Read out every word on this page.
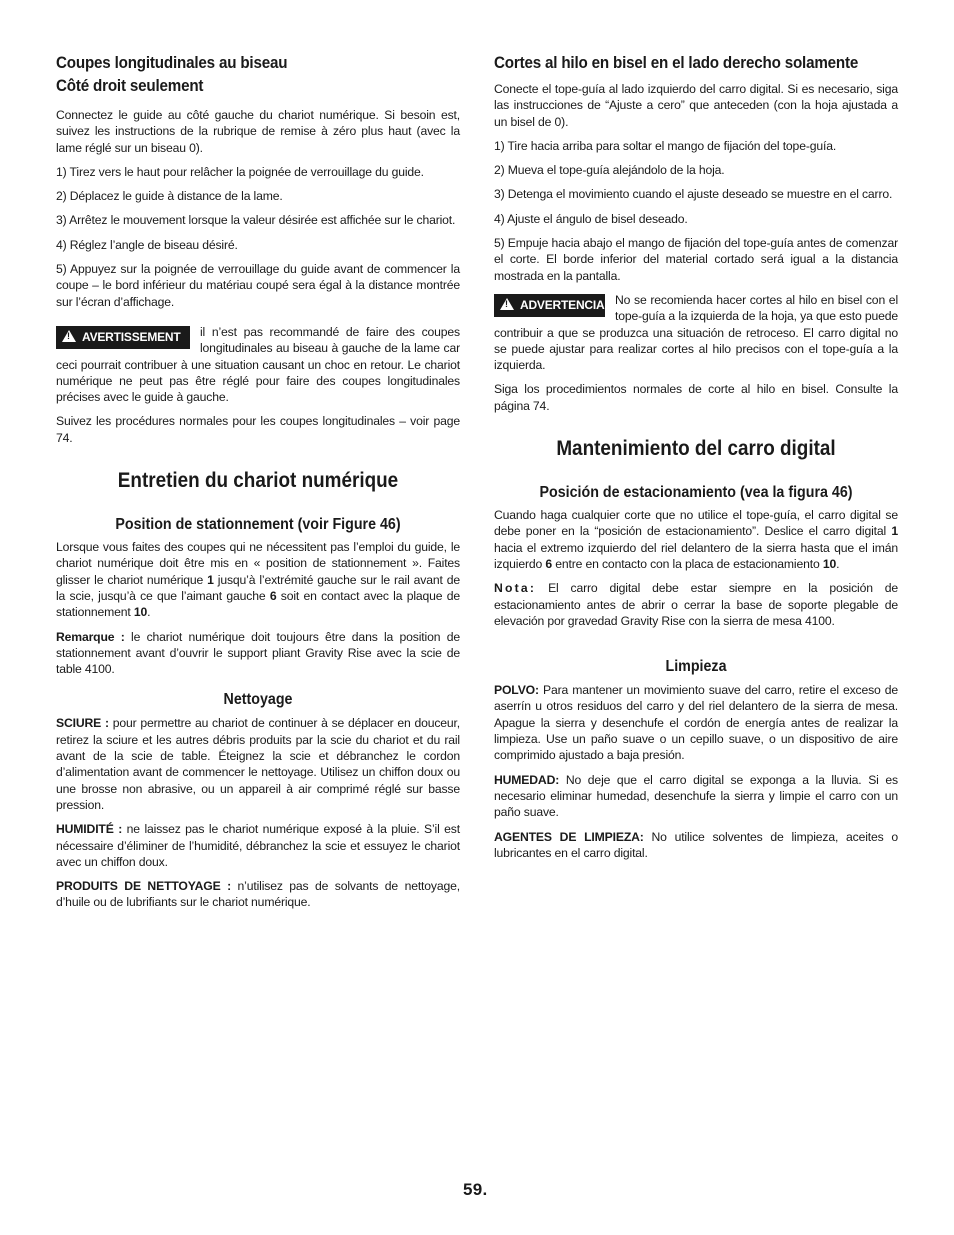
Coupes longitudinales au biseau
Côté droit seulement

Connectez le guide au côté gauche du chariot numérique. Si besoin est, suivez les instructions de la rubrique de remise à zéro plus haut (avec la lame réglé sur un biseau 0).

1) Tirez vers le haut pour relâcher la poignée de verrouillage du guide.

2) Déplacez le guide à distance de la lame.

3) Arrêtez le mouvement lorsque la valeur désirée est affichée sur le chariot.

4) Réglez l’angle de biseau désiré.

5) Appuyez sur la poignée de verrouillage du guide avant de commencer la coupe – le bord inférieur du matériau coupé sera égal à la distance montrée sur l’écran d’affichage.

!AVERTISSEMENT	il n’est pas recommandé de faire des coupes longitudinales au biseau à gauche de la lame car ceci pourrait contribuer à une situation causant un choc en retour. Le chariot numérique ne peut pas être réglé pour faire des coupes longitudinales précises avec le guide à gauche.

Suivez les procédures normales pour les coupes longitudinales – voir page 74.

Entretien du chariot numérique
Position de stationnement (voir Figure 46)

Lorsque vous faites des coupes qui ne nécessitent pas l’emploi du guide, le chariot numérique doit être mis en « position de stationnement ». Faites glisser le chariot numérique 1 jusqu’à l’extrémité gauche sur le rail avant de la scie, jusqu’à ce que l’aimant gauche 6 soit en contact avec la plaque de stationnement 10.

Remarque : le chariot numérique doit toujours être dans la position de stationnement avant d’ouvrir le support pliant Gravity Rise avec la scie de table 4100.

Nettoyage

SCIURE : pour permettre au chariot de continuer à se déplacer en douceur, retirez la sciure et les autres débris produits par la scie du chariot et du rail avant de la scie de table. Éteignez la scie et débranchez le cordon d’alimentation avant de commencer le nettoyage. Utilisez un chiffon doux ou une brosse non abrasive, ou un appareil à air comprimé réglé sur basse pression.

HUMIDITÉ : ne laissez pas le chariot numérique exposé à la pluie. S’il est nécessaire d’éliminer de l’humidité, débranchez la scie et essuyez le chariot avec un chiffon doux.

PRODUITS DE NETTOYAGE : n’utilisez pas de solvants de nettoyage, d’huile ou de lubrifiants sur le chariot numérique.

Cortes al hilo en bisel en el lado derecho solamente

Conecte el tope-guía al lado izquierdo del carro digital. Si es necesario, siga las instrucciones de “Ajuste a cero” que anteceden (con la hoja ajustada a un bisel de 0).

1) Tire hacia arriba para soltar el mango de fijación del tope-guía.

2) Mueva el tope-guía alejándolo de la hoja.

3) Detenga el movimiento cuando el ajuste deseado se muestre en el carro.

4) Ajuste el ángulo de bisel deseado.

5) Empuje hacia abajo el mango de fijación del tope-guía antes de comenzar el corte. El borde inferior del material cortado será igual a la distancia mostrada en la pantalla.

!ADVERTENCIA No se recomienda hacer cortes al hilo en bisel con el tope-guía a la izquierda de la hoja, ya que esto puede contribuir a que se produzca una situación de retroceso. El carro digital no se puede ajustar para realizar cortes al hilo precisos con el tope-guía a la izquierda.

Siga los procedimientos normales de corte al hilo en bisel. Consulte la página 74.

Mantenimiento del carro digital
Posición de estacionamiento (vea la figura 46)

Cuando haga cualquier corte que no utilice el tope-guía, el carro digital se debe poner en la “posición de estacionamiento”. Deslice el carro digital 1 hacia el extremo izquierdo del riel delantero de la sierra hasta que el imán izquierdo 6 entre en contacto con la placa de estacionamiento 10.

Nota: El carro digital debe estar siempre en la posición de estacionamiento antes de abrir o cerrar la base de soporte plegable de elevación por gravedad Gravity Rise con la sierra de mesa 4100.

Limpieza

POLVO: Para mantener un movimiento suave del carro, retire el exceso de aserrín u otros residuos del carro y del riel delantero de la sierra de mesa. Apague la sierra y desenchufe el cordón de energía antes de realizar la limpieza. Use un paño suave o un cepillo suave, o un dispositivo de aire comprimido ajustado a baja presión.

HUMEDAD: No deje que el carro digital se exponga a la lluvia. Si es necesario eliminar humedad, desenchufe la sierra y limpie el carro con un paño suave.

AGENTES DE LIMPIEZA: No utilice solventes de limpieza, aceites o lubricantes en el carro digital.

59.
